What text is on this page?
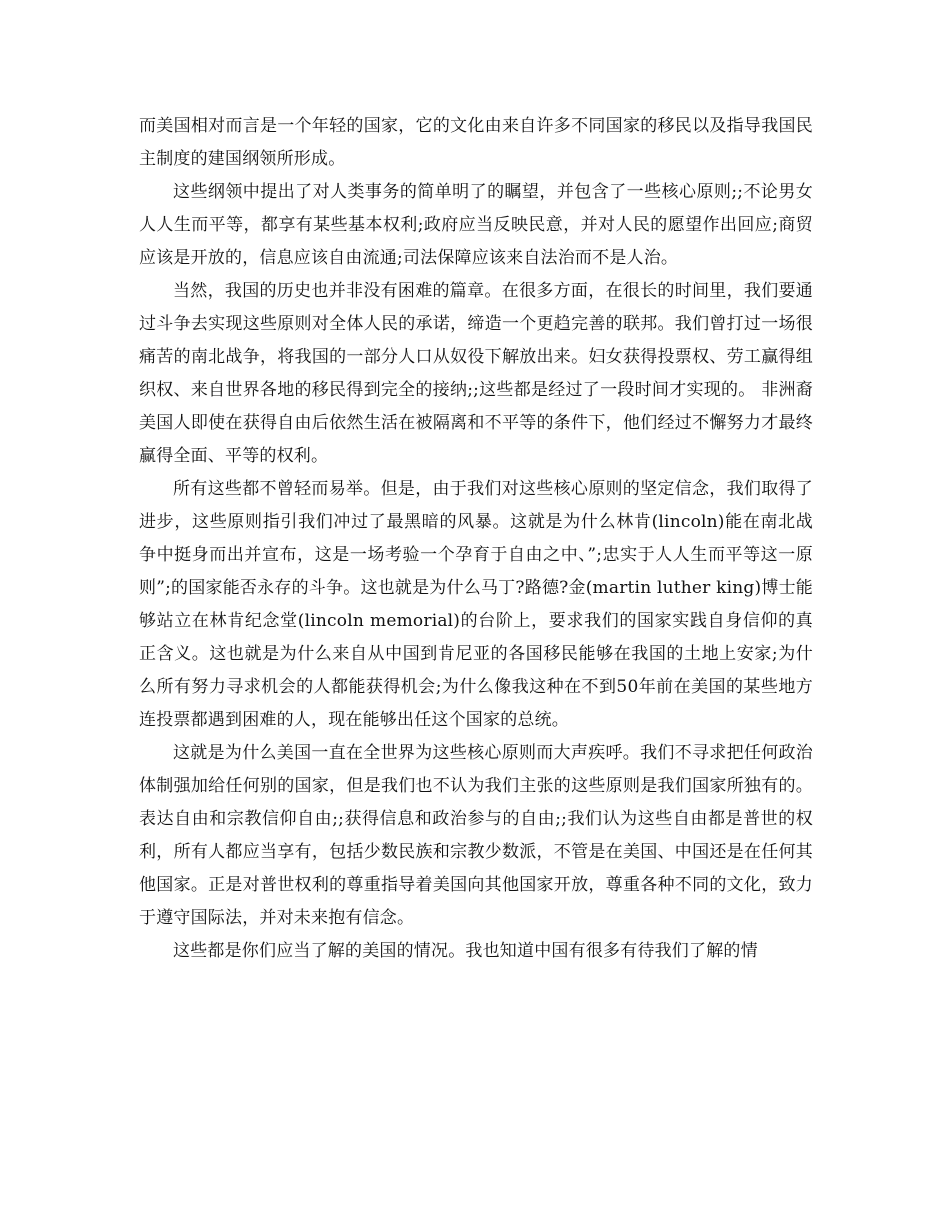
而美国相对而言是一个年轻的国家，它的文化由来自许多不同国家的移民以及指导我国民主制度的建国纲领所形成。

这些纲领中提出了对人类事务的简单明了的瞩望，并包含了一些核心原则;;不论男女人人生而平等，都享有某些基本权利;政府应当反映民意，并对人民的愿望作出回应;商贸应该是开放的，信息应该自由流通;司法保障应该来自法治而不是人治。

当然，我国的历史也并非没有困难的篇章。在很多方面，在很长的时间里，我们要通过斗争去实现这些原则对全体人民的承诺，缔造一个更趋完善的联邦。我们曾打过一场很痛苦的南北战争，将我国的一部分人口从奴役下解放出来。妇女获得投票权、劳工赢得组织权、来自世界各地的移民得到完全的接纳;;这些都是经过了一段时间才实现的。 非洲裔美国人即使在获得自由后依然生活在被隔离和不平等的条件下，他们经过不懈努力才最终赢得全面、平等的权利。

所有这些都不曾轻而易举。但是，由于我们对这些核心原则的坚定信念，我们取得了进步，这些原则指引我们冲过了最黑暗的风暴。这就是为什么林肯(lincoln)能在南北战争中挺身而出并宣布，这是一场考验一个孕育于自由之中、”;忠实于人人生而平等这一原则”;的国家能否永存的斗争。这也就是为什么马丁?路德?金(martin luther king)博士能够站立在林肯纪念堂(lincoln memorial)的台阶上，要求我们的国家实践自身信仰的真正含义。这也就是为什么来自从中国到肯尼亚的各国移民能够在我国的土地上安家;为什么所有努力寻求机会的人都能获得机会;为什么像我这种在不到50年前在美国的某些地方连投票都遇到困难的人，现在能够出任这个国家的总统。

这就是为什么美国一直在全世界为这些核心原则而大声疾呼。我们不寻求把任何政治体制强加给任何别的国家，但是我们也不认为我们主张的这些原则是我们国家所独有的。表达自由和宗教信仰自由;;获得信息和政治参与的自由;;我们认为这些自由都是普世的权利，所有人都应当享有，包括少数民族和宗教少数派，不管是在美国、中国还是在任何其他国家。正是对普世权利的尊重指导着美国向其他国家开放，尊重各种不同的文化，致力于遵守国际法，并对未来抱有信念。

这些都是你们应当了解的美国的情况。我也知道中国有很多有待我们了解的情
